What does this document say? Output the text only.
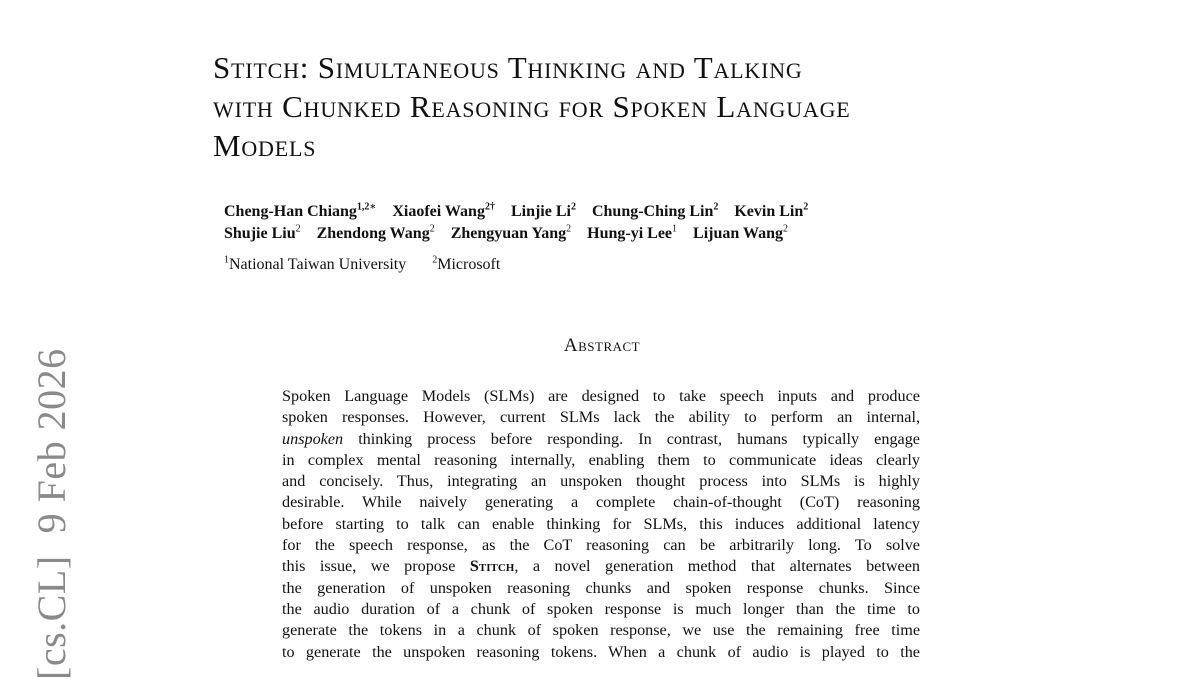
Stitch: Simultaneous Thinking and Talking
with Chunked Reasoning for Spoken Language
Models
Cheng-Han Chiang$^{1,2∗}$ Xiaofei Wang$^{2\dagger}$ Linjie Li$^2$ Chung-Ching Lin$^2$ Kevin Lin$^2$
Shujie Liu$^2$ Zhendong Wang$^2$ Zhengyuan Yang$^2$ Hung-yi Lee$^1$ Lijuan Wang$^2$
$^1$National Taiwan University	$^2$Microsoft
Abstract
Spoken Language Models (SLMs) are designed to take speech inputs and produce
spoken responses. However, current SLMs lack the ability to perform an internal,
unspoken thinking process before responding. In contrast, humans typically engage
in complex mental reasoning internally, enabling them to communicate ideas clearly
and concisely. Thus, integrating an unspoken thought process into SLMs is highly
desirable. While naively generating a complete chain-of-thought (CoT) reasoning
before starting to talk can enable thinking for SLMs, this induces additional latency
for the speech response, as the CoT reasoning can be arbitrarily long. To solve
this issue, we propose Stitch, a novel generation method that alternates between
the generation of unspoken reasoning chunks and spoken response chunks. Since
the audio duration of a chunk of spoken response is much longer than the time to
generate the tokens in a chunk of spoken response, we use the remaining free time
to generate the unspoken reasoning tokens. When a chunk of audio is played to the
[cs.CL]9 Feb 2026
